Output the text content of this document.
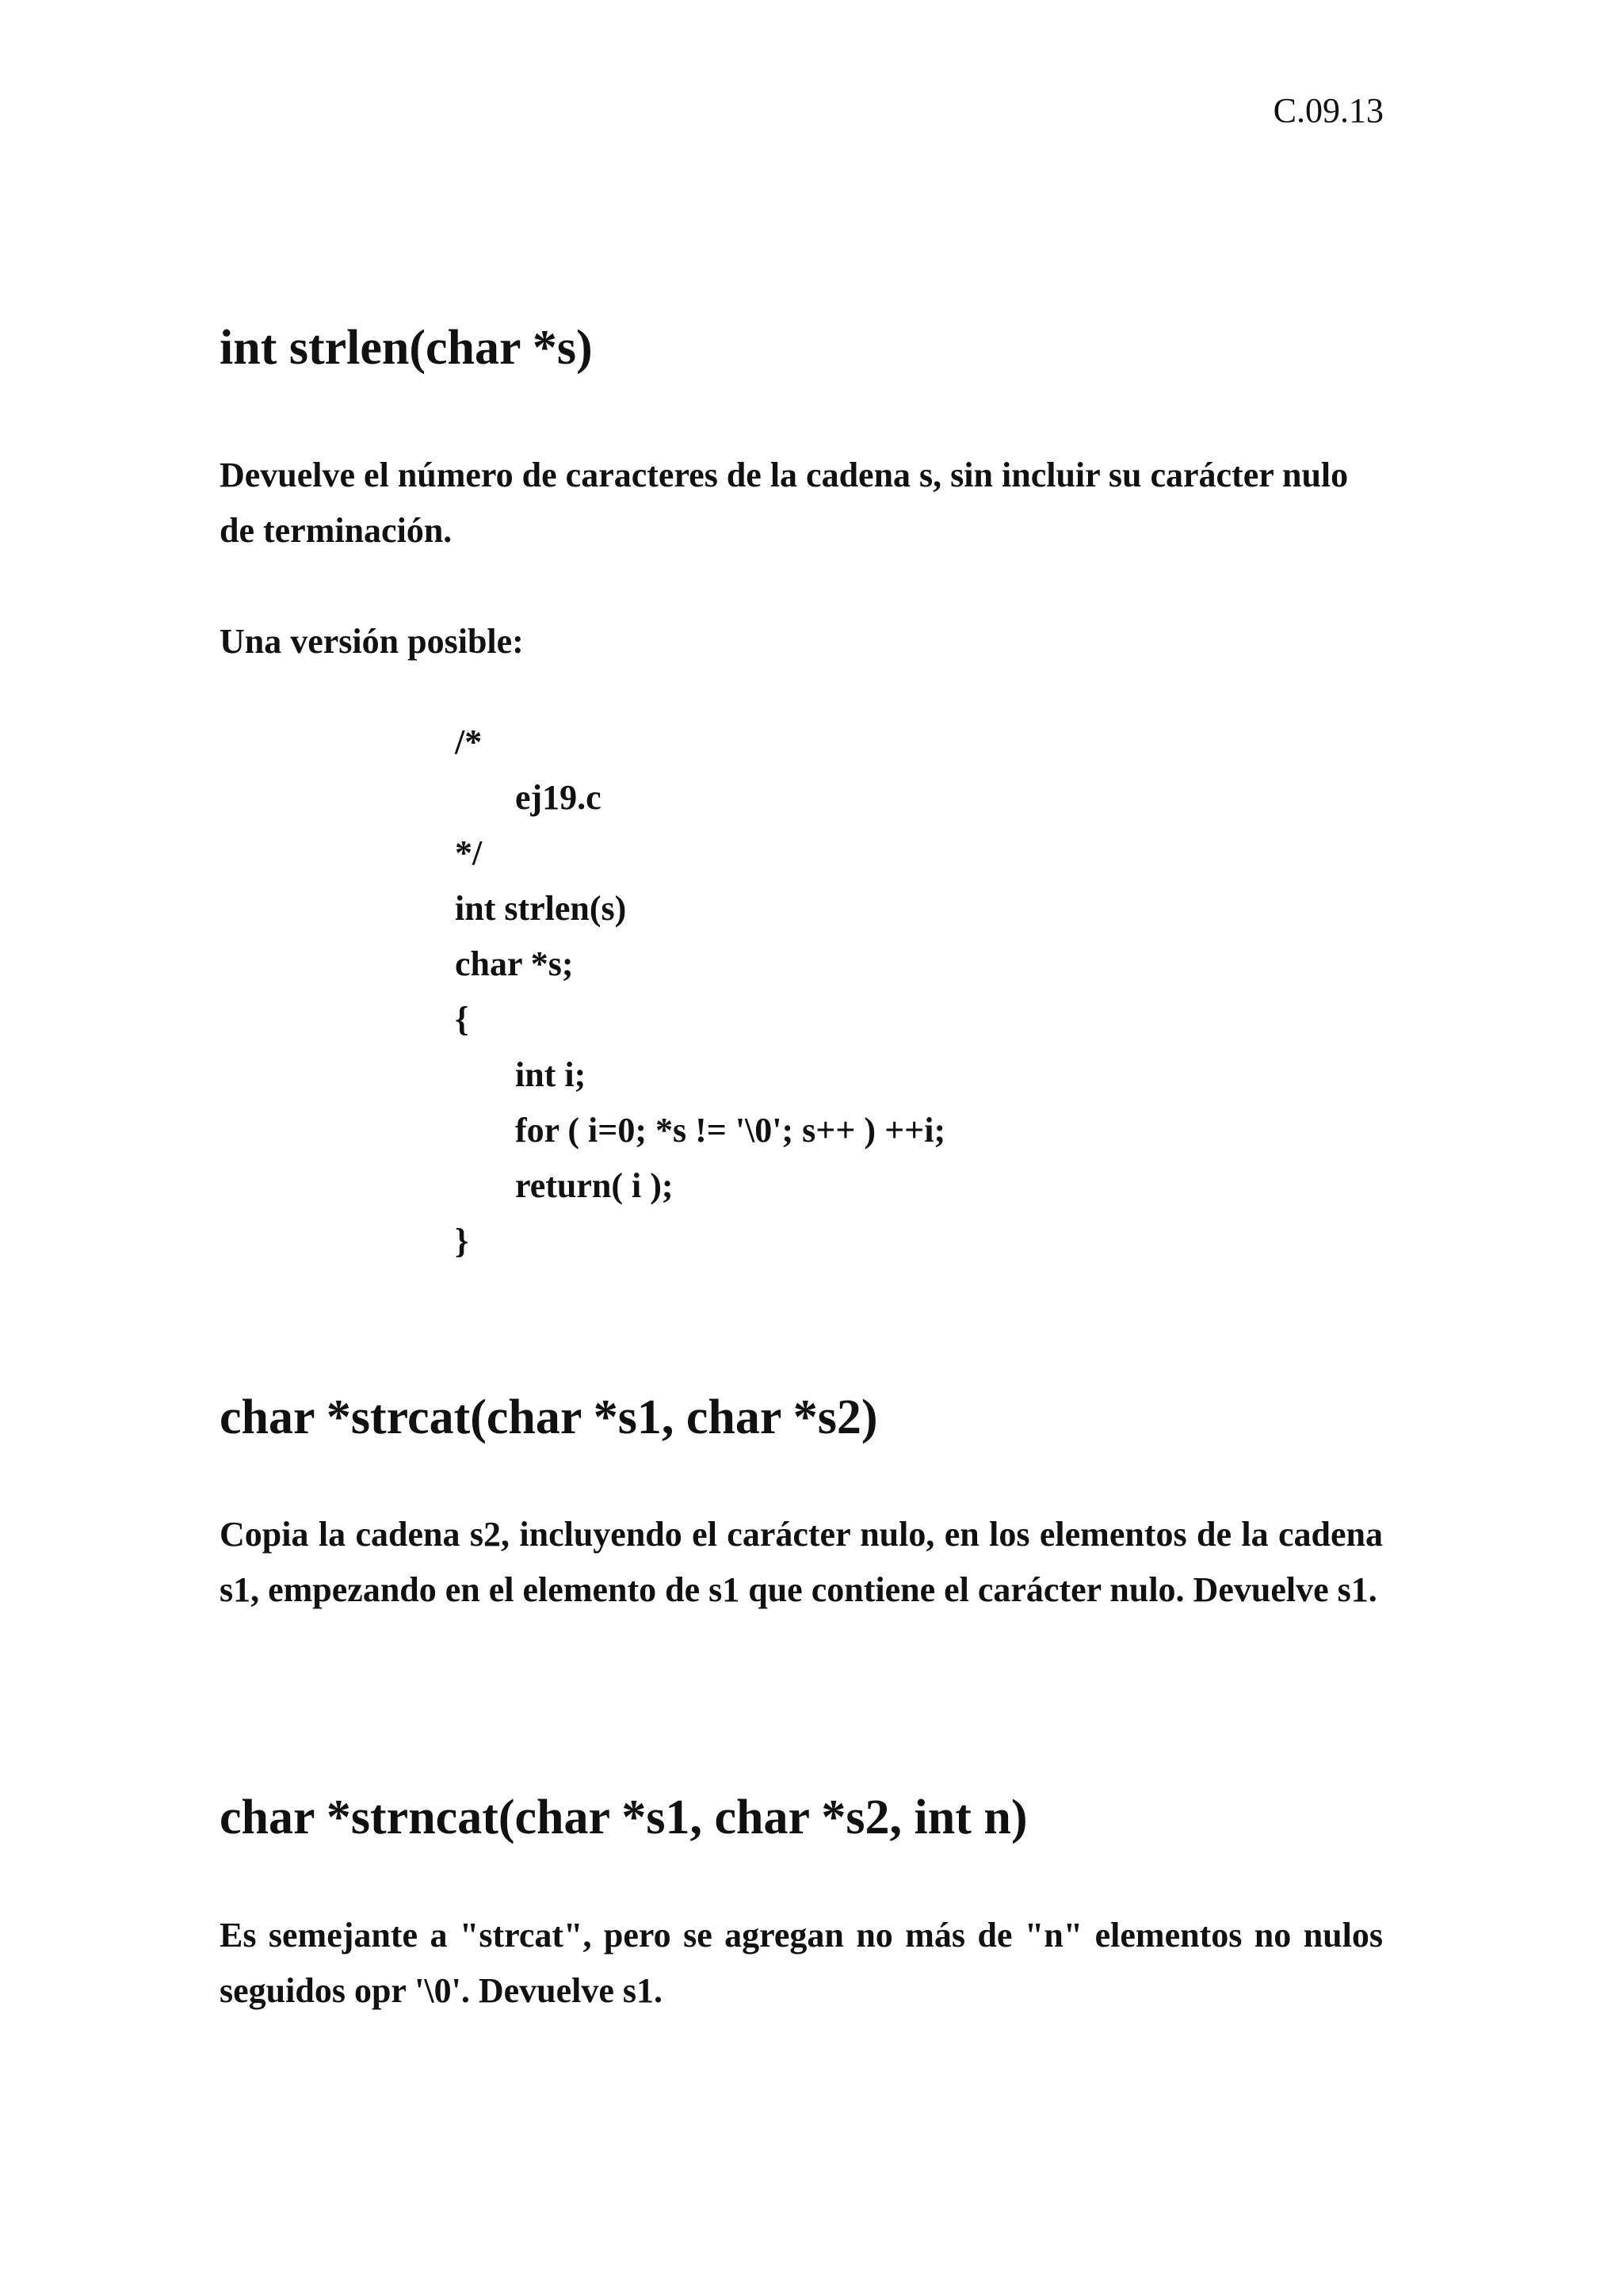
C.09.13
int strlen(char *s)

Devuelve el número de caracteres de la cadena s, sin incluir su carácter nulo de terminación.

Una versión posible:

/*
ej19.c
*/
int strlen(s)
char *s;
{
int i;
for ( i=0; *s != '\0'; s++ ) ++i;
return( i );
}
char *strcat(char *s1, char *s2)

Copia la cadena s2, incluyendo el carácter nulo, en los elementos de la cadena s1, empezando en el elemento de s1 que contiene el carácter nulo. Devuelve s1.

char *strncat(char *s1, char *s2, int n)

Es semejante a "strcat", pero se agregan no más de "n" elementos no nulos seguidos opr '\0'. Devuelve s1.
